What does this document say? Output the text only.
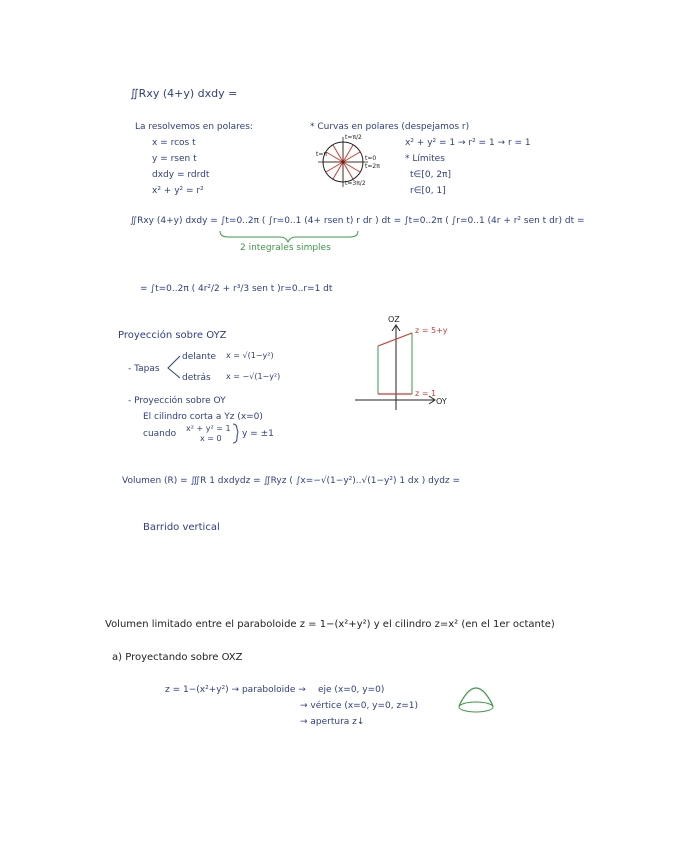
∬Rxy (4+y) dxdy =
La resolvemos en polares:
x = rcos t
y = rsen t
dxdy = rdrdt
x² + y² = r²
* Curvas en polares (despejamos r)
x² + y² = 1 → r² = 1 → r = 1
* Límites
t∈[0, 2π]
r∈[0, 1]
t=π/2
t=π
t=0
t=2π
t=3π/2
∬Rxy (4+y) dxdy = ∫t=0..2π ( ∫r=0..1 (4+ rsen t) r dr ) dt = ∫t=0..2π ( ∫r=0..1 (4r + r² sen t dr) dt =
2 integrales simples
= ∫t=0..2π ( 4r²/2 + r³/3 sen t )r=0..r=1 dt
Proyección sobre OYZ
- Tapas
delante x = √(1−y²)
detrás x = −√(1−y²)
- Proyección sobre OY
El cilindro corta a Yz (x=0)
cuando
x² + y² = 1
x = 0 y = ±1
OZ
OY
z = 5+y
z = 1
Volumen (R) = ∭R 1 dxdydz = ∬Ryz ( ∫x=−√(1−y²)..√(1−y²) 1 dx ) dydz =
Barrido vertical
Volumen limitado entre el paraboloide z = 1−(x²+y²) y el cilindro z=x² (en el 1er octante)
a) Proyectando sobre OXZ
z = 1−(x²+y²) → paraboloide → eje (x=0, y=0)
→ vértice (x=0, y=0, z=1)
→ apertura z↓
